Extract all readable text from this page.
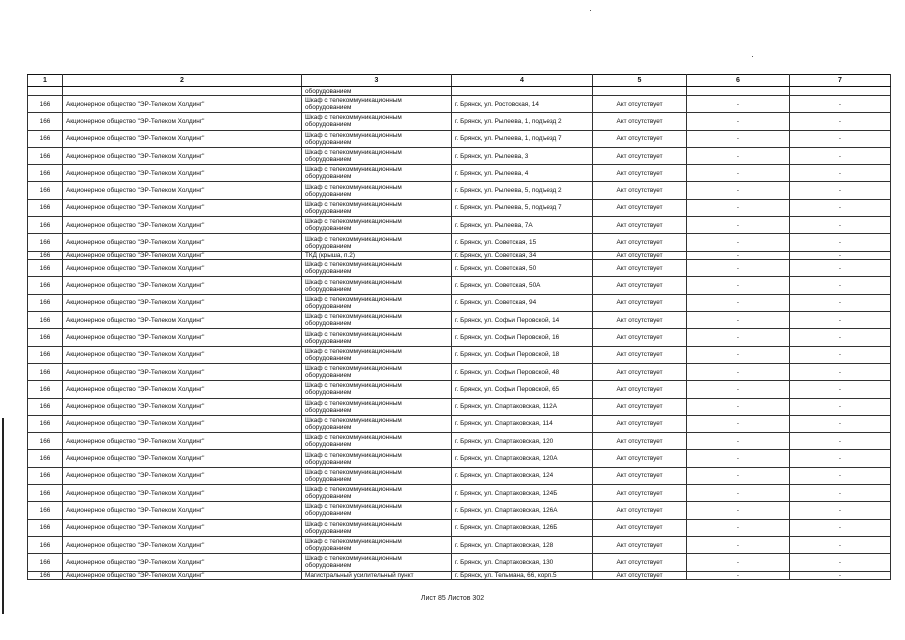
1	2	3	4	5	6	7
		оборудованием				
166	Акционерное общество "ЭР-Телеком Холдинг"	Шкаф с телекоммуникационным оборудованием	г. Брянск, ул. Ростовская, 14	Акт отсутствует	-	-
166	Акционерное общество "ЭР-Телеком Холдинг"	Шкаф с телекоммуникационным оборудованием	г. Брянск, ул. Рылеева, 1, подъезд 2	Акт отсутствует	-	-
166	Акционерное общество "ЭР-Телеком Холдинг"	Шкаф с телекоммуникационным оборудованием	г. Брянск, ул. Рылеева, 1, подъезд 7	Акт отсутствует	-	-
166	Акционерное общество "ЭР-Телеком Холдинг"	Шкаф с телекоммуникационным оборудованием	г. Брянск, ул. Рылеева, 3	Акт отсутствует	-	-
166	Акционерное общество "ЭР-Телеком Холдинг"	Шкаф с телекоммуникационным оборудованием	г. Брянск, ул. Рылеева, 4	Акт отсутствует	-	-
166	Акционерное общество "ЭР-Телеком Холдинг"	Шкаф с телекоммуникационным оборудованием	г. Брянск, ул. Рылеева, 5, подъезд 2	Акт отсутствует	-	-
166	Акционерное общество "ЭР-Телеком Холдинг"	Шкаф с телекоммуникационным оборудованием	г. Брянск, ул. Рылеева, 5, подъезд 7	Акт отсутствует	-	-
166	Акционерное общество "ЭР-Телеком Холдинг"	Шкаф с телекоммуникационным оборудованием	г. Брянск, ул. Рылеева, 7А	Акт отсутствует	-	-
166	Акционерное общество "ЭР-Телеком Холдинг"	Шкаф с телекоммуникационным оборудованием	г. Брянск, ул. Советская, 15	Акт отсутствует	-	-
166	Акционерное общество "ЭР-Телеком Холдинг"	ТКД (крыша, п.2)	г. Брянск, ул. Советская, 34	Акт отсутствует	-	-
166	Акционерное общество "ЭР-Телеком Холдинг"	Шкаф с телекоммуникационным оборудованием	г. Брянск, ул. Советская, 50	Акт отсутствует	-	-
166	Акционерное общество "ЭР-Телеком Холдинг"	Шкаф с телекоммуникационным оборудованием	г. Брянск, ул. Советская, 50А	Акт отсутствует	-	-
166	Акционерное общество "ЭР-Телеком Холдинг"	Шкаф с телекоммуникационным оборудованием	г. Брянск, ул. Советская, 94	Акт отсутствует	-	-
166	Акционерное общество "ЭР-Телеком Холдинг"	Шкаф с телекоммуникационным оборудованием	г. Брянск, ул. Софьи Перовской, 14	Акт отсутствует	-	-
166	Акционерное общество "ЭР-Телеком Холдинг"	Шкаф с телекоммуникационным оборудованием	г. Брянск, ул. Софьи Перовской, 16	Акт отсутствует	-	-
166	Акционерное общество "ЭР-Телеком Холдинг"	Шкаф с телекоммуникационным оборудованием	г. Брянск, ул. Софьи Перовской, 18	Акт отсутствует	-	-
166	Акционерное общество "ЭР-Телеком Холдинг"	Шкаф с телекоммуникационным оборудованием	г. Брянск, ул. Софьи Перовской, 48	Акт отсутствует	-	-
166	Акционерное общество "ЭР-Телеком Холдинг"	Шкаф с телекоммуникационным оборудованием	г. Брянск, ул. Софьи Перовской, 65	Акт отсутствует	-	-
166	Акционерное общество "ЭР-Телеком Холдинг"	Шкаф с телекоммуникационным оборудованием	г. Брянск, ул. Спартаковская, 112А	Акт отсутствует	-	-
166	Акционерное общество "ЭР-Телеком Холдинг"	Шкаф с телекоммуникационным оборудованием	г. Брянск, ул. Спартаковская, 114	Акт отсутствует	-	-
166	Акционерное общество "ЭР-Телеком Холдинг"	Шкаф с телекоммуникационным оборудованием	г. Брянск, ул. Спартаковская, 120	Акт отсутствует	-	-
166	Акционерное общество "ЭР-Телеком Холдинг"	Шкаф с телекоммуникационным оборудованием	г. Брянск, ул. Спартаковская, 120А	Акт отсутствует	-	-
166	Акционерное общество "ЭР-Телеком Холдинг"	Шкаф с телекоммуникационным оборудованием	г. Брянск, ул. Спартаковская, 124	Акт отсутствует	-	-
166	Акционерное общество "ЭР-Телеком Холдинг"	Шкаф с телекоммуникационным оборудованием	г. Брянск, ул. Спартаковская, 124Б	Акт отсутствует	-	-
166	Акционерное общество "ЭР-Телеком Холдинг"	Шкаф с телекоммуникационным оборудованием	г. Брянск, ул. Спартаковская, 126А	Акт отсутствует	-	-
166	Акционерное общество "ЭР-Телеком Холдинг"	Шкаф с телекоммуникационным оборудованием	г. Брянск, ул. Спартаковская, 126Б	Акт отсутствует	-	-
166	Акционерное общество "ЭР-Телеком Холдинг"	Шкаф с телекоммуникационным оборудованием	г. Брянск, ул. Спартаковская, 128	Акт отсутствует	-	-
166	Акционерное общество "ЭР-Телеком Холдинг"	Шкаф с телекоммуникационным оборудованием	г. Брянск, ул. Спартаковская, 130	Акт отсутствует	-	-
166	Акционерное общество "ЭР-Телеком Холдинг"	Магистральный усилительный пункт	г. Брянск, ул. Тельмана, 66, корп.5	Акт отсутствует	-	-
Лист 85 Листов 302
